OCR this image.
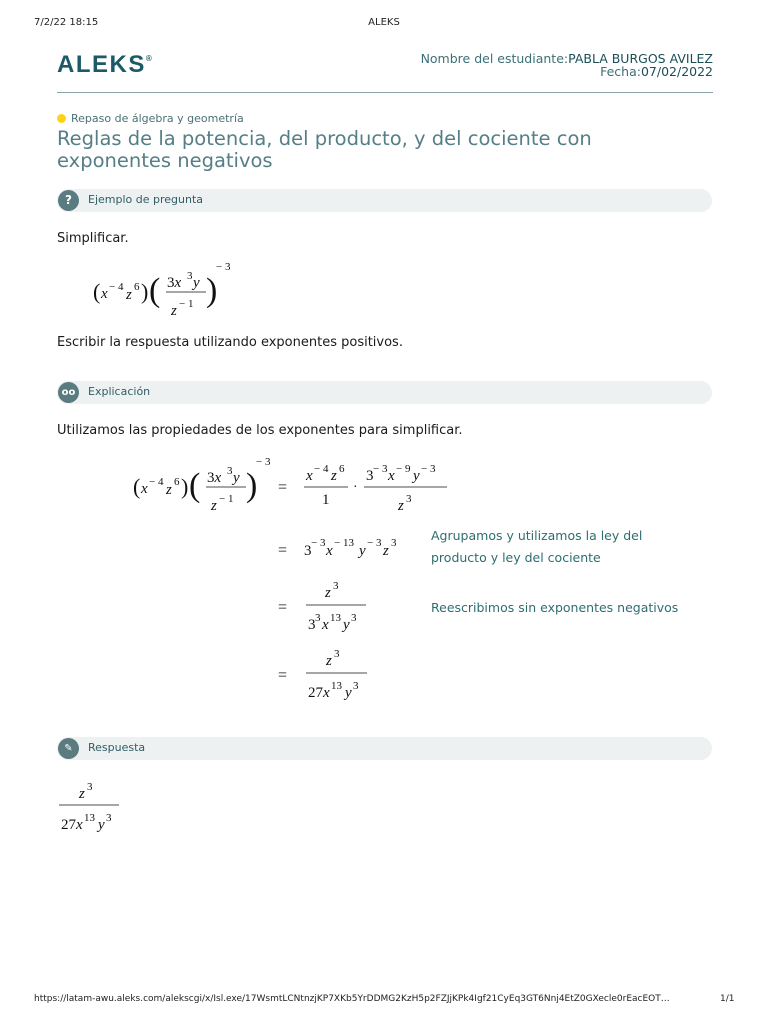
7/2/22 18:15	ALEKS
ALEKS®	Nombre del estudiante:PABLA BURGOS AVILEZ
Fecha:07/02/2022
Repaso de álgebra y geometría
Reglas de la potencia, del producto, y del cociente con exponentes negativos
?	Ejemplo de pregunta
Simplificar.
( x − 4 z 6 ) ( 3x 3 y
z − 1 )
− 3
Escribir la respuesta utilizando exponentes positivos.
oo	Explicación
Utilizamos las propiedades de los exponentes para simplificar.
( x − 4 z 6 ) ( 3x 3 y
z − 1 )
− 3
=
x − 4 z 6
1
·
3 − 3 x − 9 y − 3
z 3
= 3 − 3 x − 13 y − 3 z 3	Agrupamos y utilizamos la ley del
producto y ley del cociente
=
z 3
3 3 x 13 y 3
Reescribimos sin exponentes negativos
=
z 3
27x 13 y 3
✎	Respuesta
z 3
27x 13 y 3
https://latam-awu.aleks.com/alekscgi/x/Isl.exe/17WsmtLCNtnzjKP7XKb5YrDDMG2KzH5p2FZJjKPk4Igf21CyEq3GT6Nnj4EtZ0GXecle0rEacEOT…	1/1
